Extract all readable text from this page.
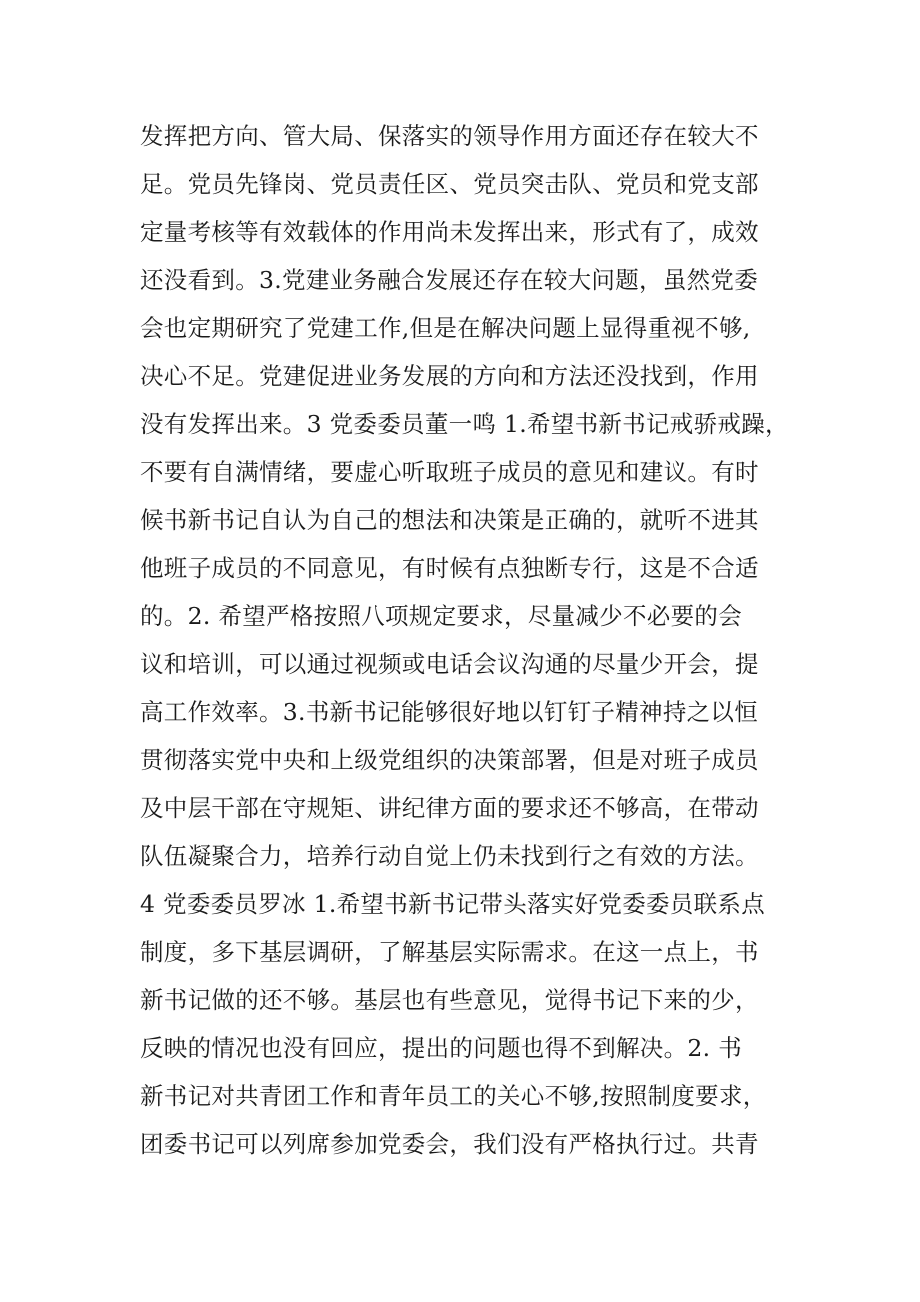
发挥把方向、管大局、保落实的领导作用方面还存在较大不
足。党员先锋岗、党员责任区、党员突击队、党员和党支部
定量考核等有效载体的作用尚未发挥出来，形式有了，成效
还没看到。3.党建业务融合发展还存在较大问题，虽然党委
会也定期研究了党建工作,但是在解决问题上显得重视不够,
决心不足。党建促进业务发展的方向和方法还没找到，作用
没有发挥出来。3 党委委员董一鸣 1.希望书新书记戒骄戒躁，
不要有自满情绪，要虚心听取班子成员的意见和建议。有时
候书新书记自认为自己的想法和决策是正确的，就听不进其
他班子成员的不同意见，有时候有点独断专行，这是不合适
的。2. 希望严格按照八项规定要求，尽量减少不必要的会
议和培训，可以通过视频或电话会议沟通的尽量少开会，提
高工作效率。3.书新书记能够很好地以钉钉子精神持之以恒
贯彻落实党中央和上级党组织的决策部署，但是对班子成员
及中层干部在守规矩、讲纪律方面的要求还不够高，在带动
队伍凝聚合力，培养行动自觉上仍未找到行之有效的方法。
4 党委委员罗冰 1.希望书新书记带头落实好党委委员联系点
制度，多下基层调研，了解基层实际需求。在这一点上，书
新书记做的还不够。基层也有些意见，觉得书记下来的少，
反映的情况也没有回应，提出的问题也得不到解决。2. 书
新书记对共青团工作和青年员工的关心不够,按照制度要求，
团委书记可以列席参加党委会，我们没有严格执行过。共青
